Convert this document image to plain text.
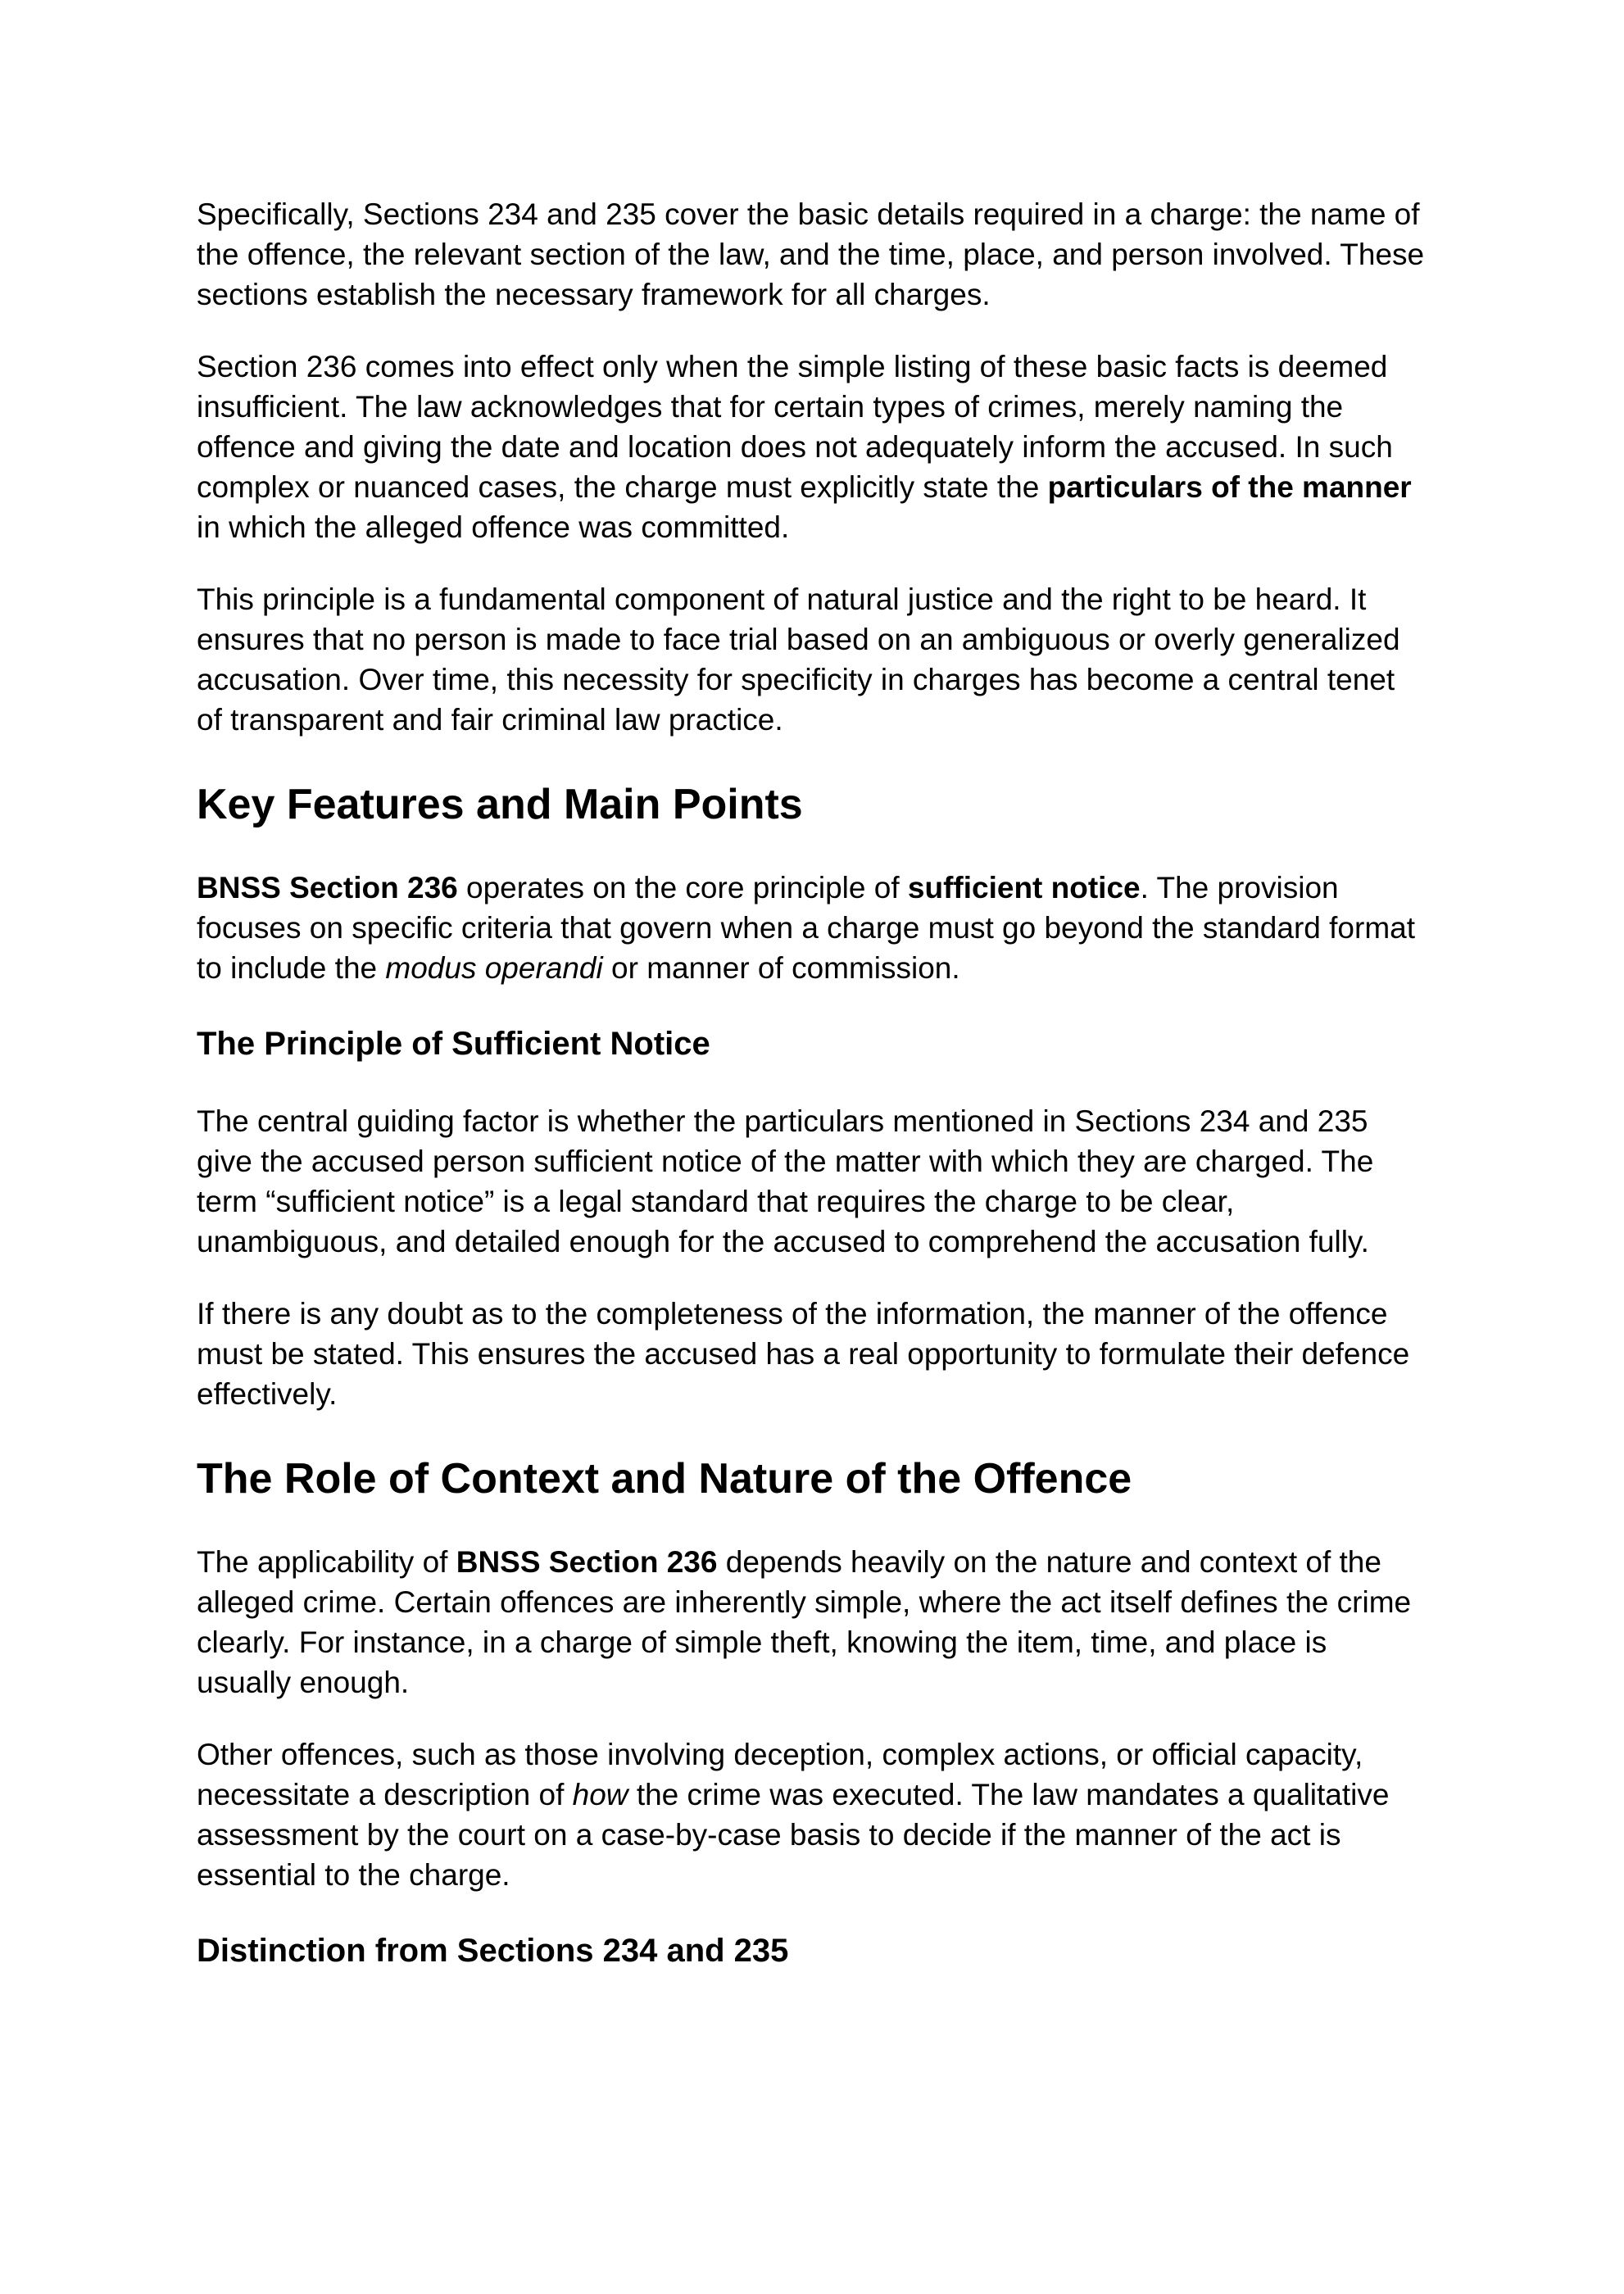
Specifically, Sections 234 and 235 cover the basic details required in a charge: the name of the offence, the relevant section of the law, and the time, place, and person involved. These sections establish the necessary framework for all charges.

Section 236 comes into effect only when the simple listing of these basic facts is deemed insufficient. The law acknowledges that for certain types of crimes, merely naming the offence and giving the date and location does not adequately inform the accused. In such complex or nuanced cases, the charge must explicitly state the particulars of the manner in which the alleged offence was committed.

This principle is a fundamental component of natural justice and the right to be heard. It ensures that no person is made to face trial based on an ambiguous or overly generalized accusation. Over time, this necessity for specificity in charges has become a central tenet of transparent and fair criminal law practice.

Key Features and Main Points

BNSS Section 236 operates on the core principle of sufficient notice. The provision focuses on specific criteria that govern when a charge must go beyond the standard format to include the modus operandi or manner of commission.

The Principle of Sufficient Notice

The central guiding factor is whether the particulars mentioned in Sections 234 and 235 give the accused person sufficient notice of the matter with which they are charged. The term “sufficient notice” is a legal standard that requires the charge to be clear, unambiguous, and detailed enough for the accused to comprehend the accusation fully.

If there is any doubt as to the completeness of the information, the manner of the offence must be stated. This ensures the accused has a real opportunity to formulate their defence effectively.

The Role of Context and Nature of the Offence

The applicability of BNSS Section 236 depends heavily on the nature and context of the alleged crime. Certain offences are inherently simple, where the act itself defines the crime clearly. For instance, in a charge of simple theft, knowing the item, time, and place is usually enough.

Other offences, such as those involving deception, complex actions, or official capacity, necessitate a description of how the crime was executed. The law mandates a qualitative assessment by the court on a case-by-case basis to decide if the manner of the act is essential to the charge.

Distinction from Sections 234 and 235
